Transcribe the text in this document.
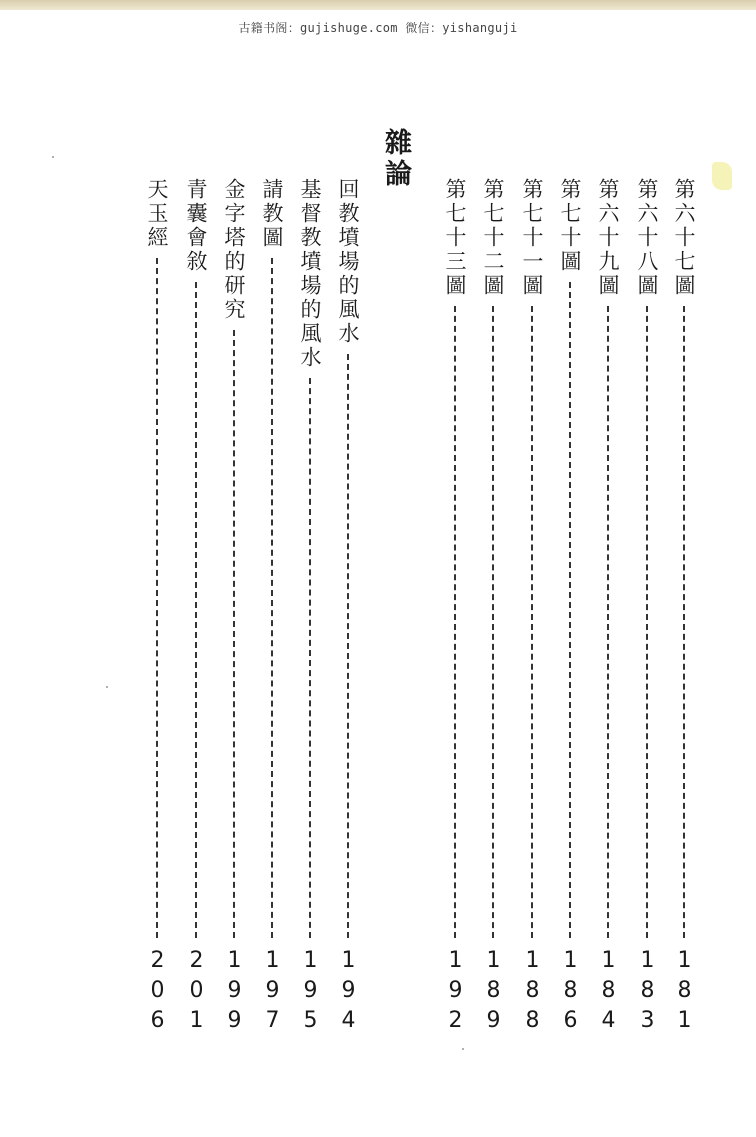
古籍书阁：gujishuge.com 微信：yishanguji
雜論
第六十七圖
181
第六十八圖
183
第六十九圖
184
第七十圖
186
第七十一圖
188
第七十二圖
189
第七十三圖
192
回教墳場的風水
194
基督教墳場的風水
195
請教圖
197
金字塔的研究
199
青囊會敘
201
天玉經
206
